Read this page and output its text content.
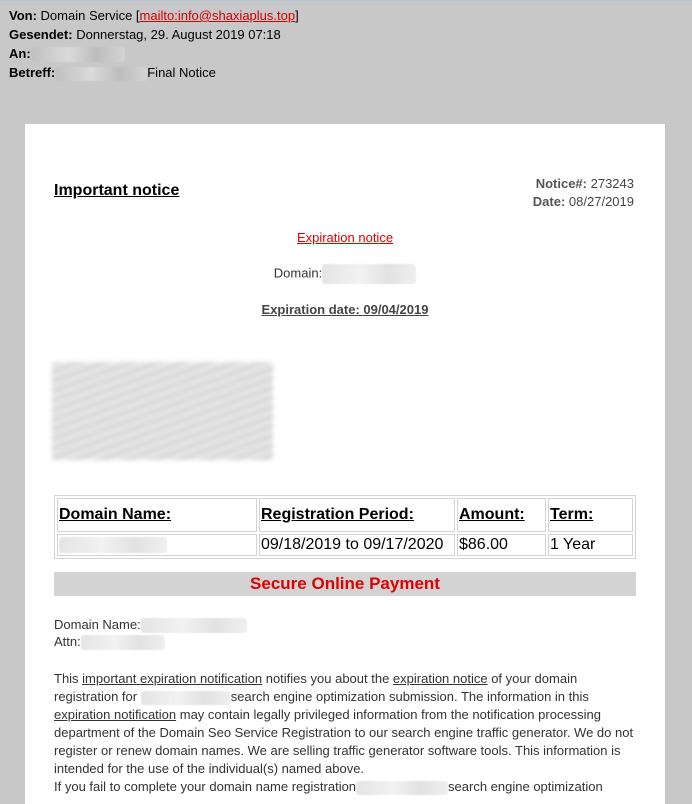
Von: Domain Service [mailto:info@shaxiaplus.top]
Gesendet: Donnerstag, 29. August 2019 07:18
An:
Betreff:	Final Notice
Important notice	Notice#: 273243
Date: 08/27/2019
Expiration notice
Domain:
Expiration date: 09/04/2019
Domain Name:	Registration Period:	Amount:	Term:
	09/18/2019 to 09/17/2020	$86.00	1 Year
Secure Online Payment
Domain Name:
Attn:
This important expiration notification notifies you about the expiration notice of your domain registration for	search engine optimization submission. The information in this expiration notification may contain legally privileged information from the notification processing department of the Domain Seo Service Registration to our search engine traffic generator. We do not register or renew domain names. We are selling traffic generator software tools. This information is intended for the use of the individual(s) named above.
If you fail to complete your domain name registration	search engine optimization
